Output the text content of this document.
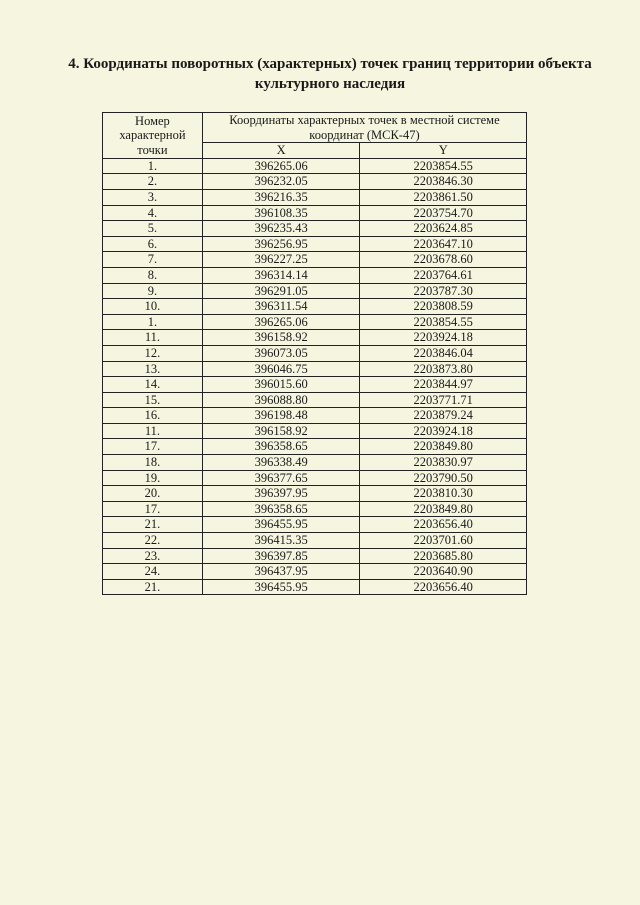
4. Координаты поворотных (характерных) точек границ территории объекта
культурного наследия
Номер
характерной
точки	Координаты характерных точек в местной системе
координат (МСК-47)	
	X	Y
1.	396265.06	2203854.55
2.	396232.05	2203846.30
3.	396216.35	2203861.50
4.	396108.35	2203754.70
5.	396235.43	2203624.85
6.	396256.95	2203647.10
7.	396227.25	2203678.60
8.	396314.14	2203764.61
9.	396291.05	2203787.30
10.	396311.54	2203808.59
1.	396265.06	2203854.55
11.	396158.92	2203924.18
12.	396073.05	2203846.04
13.	396046.75	2203873.80
14.	396015.60	2203844.97
15.	396088.80	2203771.71
16.	396198.48	2203879.24
11.	396158.92	2203924.18
17.	396358.65	2203849.80
18.	396338.49	2203830.97
19.	396377.65	2203790.50
20.	396397.95	2203810.30
17.	396358.65	2203849.80
21.	396455.95	2203656.40
22.	396415.35	2203701.60
23.	396397.85	2203685.80
24.	396437.95	2203640.90
21.	396455.95	2203656.40
